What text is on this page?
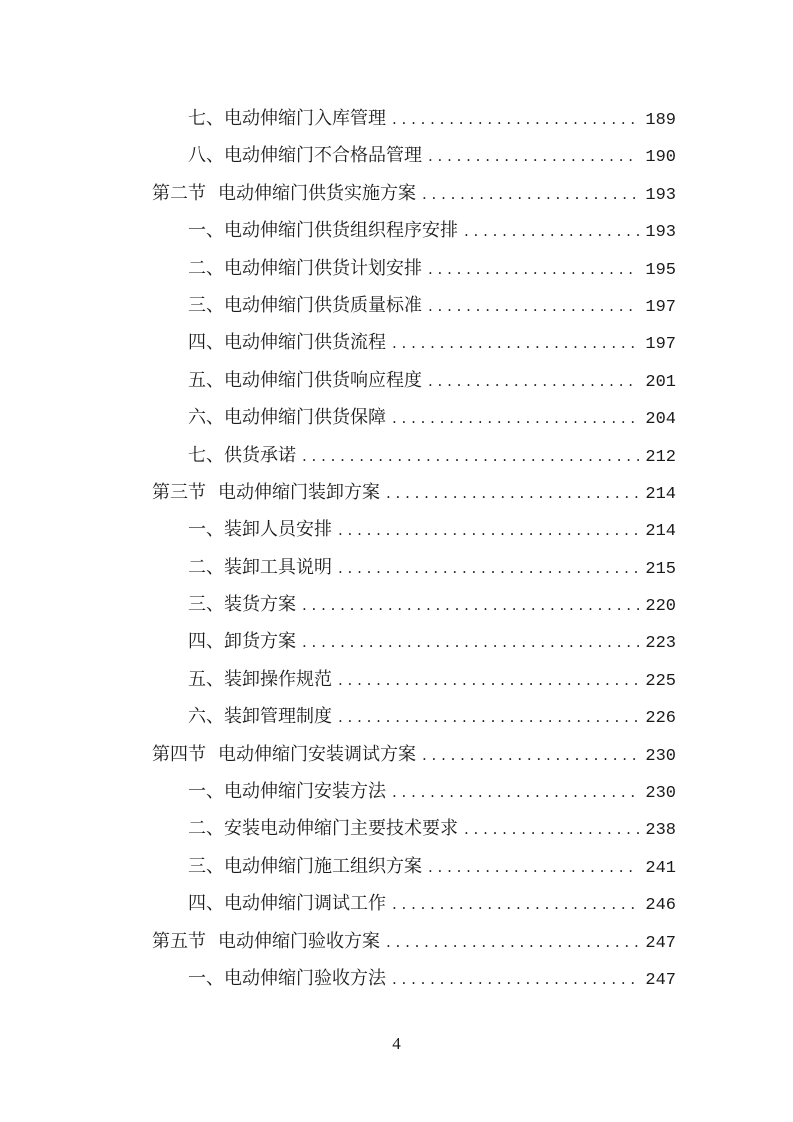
七、电动伸缩门入库管理 . . .	189
八、电动伸缩门不合格品管理 . . .	190
第二节 电动伸缩门供货实施方案 . . .	193
一、电动伸缩门供货组织程序安排 . . .	193
二、电动伸缩门供货计划安排 . . .	195
三、电动伸缩门供货质量标准 . . .	197
四、电动伸缩门供货流程 . . .	197
五、电动伸缩门供货响应程度 . . .	201
六、电动伸缩门供货保障 . . .	204
七、供货承诺 . . .	212
第三节 电动伸缩门装卸方案 . . .	214
一、装卸人员安排 . . .	214
二、装卸工具说明 . . .	215
三、装货方案 . . .	220
四、卸货方案 . . .	223
五、装卸操作规范 . . .	225
六、装卸管理制度 . . .	226
第四节 电动伸缩门安装调试方案 . . .	230
一、电动伸缩门安装方法 . . .	230
二、安装电动伸缩门主要技术要求 . . .	238
三、电动伸缩门施工组织方案 . . .	241
四、电动伸缩门调试工作 . . .	246
第五节 电动伸缩门验收方案 . . .	247
一、电动伸缩门验收方法 . . .	247
4
